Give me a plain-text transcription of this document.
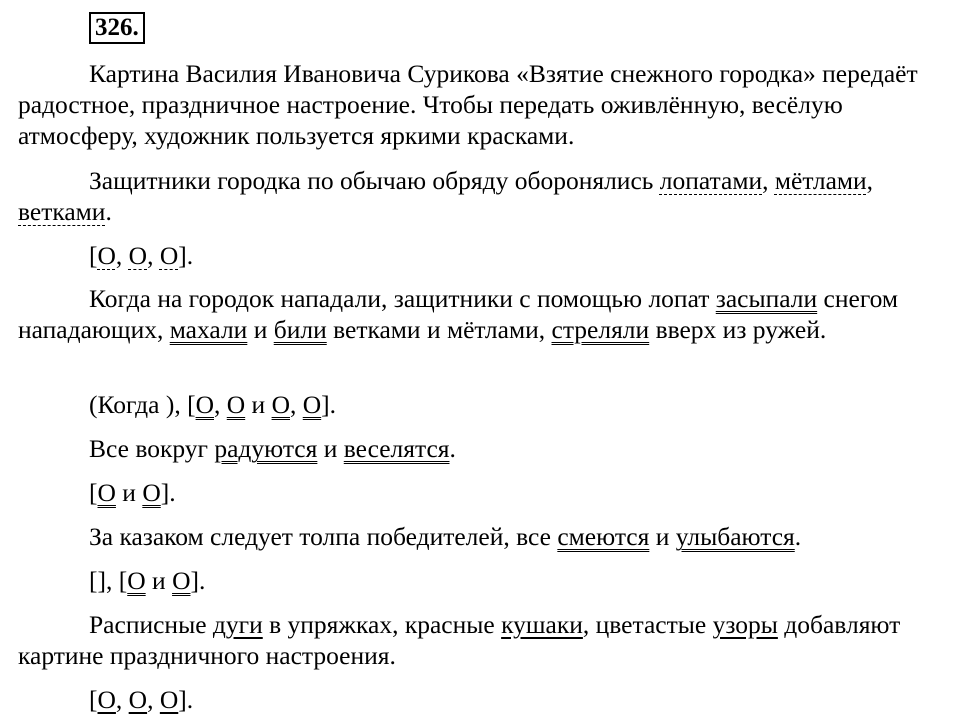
326.

Картина Василия Ивановича Сурикова «Взятие снежного городка» передаёт радостное, праздничное настроение. Чтобы передать оживлённую, весёлую атмосферу, художник пользуется яркими красками.

Защитники городка по обычаю обряду оборонялись лопатами, мётлами, ветками.

[О, О, О].

Когда на городок нападали, защитники с помощью лопат засыпали снегом нападающих, махали и били ветками и мётлами, стреляли вверх из ружей.

(Когда ), [О, О и О, О].

Все вокруг радуются и веселятся.

[О и О].

За казаком следует толпа победителей, все смеются и улыбаются.

[], [О и О].

Расписные дуги в упряжках, красные кушаки, цветастые узоры добавляют картине праздничного настроения.

[О, О, О].
